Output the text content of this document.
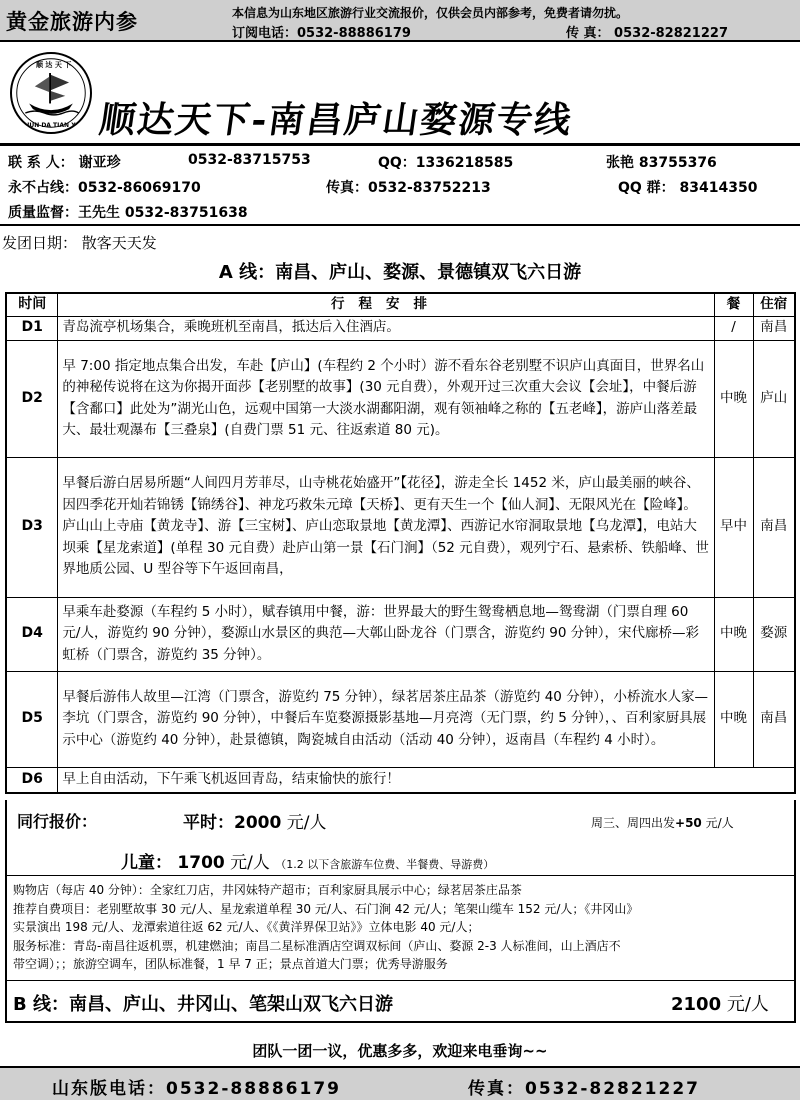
黄金旅游内参	本信息为山东地区旅游行业交流报价，仅供会员内部参考，免费者请勿扰。
订阅电话：0532-88886179	传 真： 0532-82821227
顺 达 天 下
SHUN DA TIAN XIA 顺达天下-南昌庐山婺源专线
联 系 人： 谢亚珍	0532-83715753	QQ：1336218585	张艳 83755376
永不占线：0532-86069170	传真：0532-83752213	QQ 群： 83414350
质量监督：王先生 0532-83751638
发团日期： 散客天天发
A 线：南昌、庐山、婺源、景德镇双飞六日游
时间	行程安排	餐	住宿
D1	青岛流亭机场集合，乘晚班机至南昌，抵达后入住酒店。	/	南昌
D2	早 7:00 指定地点集合出发，车赴【庐山】(车程约 2 个小时）游不看东谷老别墅不识庐山真面目，世界名山的神秘传说将在这为你揭开面莎【老别墅的故事】(30 元自费），外观开过三次重大会议【会址】，中餐后游【含鄱口】此处为”湖光山色，远观中国第一大淡水湖鄱阳湖，观有领袖峰之称的【五老峰】，游庐山落差最大、最壮观瀑布【三叠泉】(自费门票 51 元、往返索道 80 元)。	中晚	庐山
D3	早餐后游白居易所题“人间四月芳菲尽，山寺桃花始盛开”【花径】，游走全长 1452 米，庐山最美丽的峡谷、因四季花开灿若锦锈【锦绣谷】、神龙巧救朱元璋【天桥】、更有天生一个【仙人洞】、无限风光在【险峰】。庐山山上寺庙【黄龙寺】、游【三宝树】、庐山恋取景地【黄龙潭】、西游记水帘洞取景地【乌龙潭】，电站大坝乘【星龙索道】(单程 30 元自费）赴庐山第一景【石门涧】（52 元自费），观列宁石、悬索桥、铁船峰、世界地质公园、U 型谷等下午返回南昌，	早中	南昌
D4	早乘车赴婺源（车程约 5 小时），赋春镇用中餐，游：世界最大的野生鸳鸯栖息地—鸳鸯湖（门票自理 60 元/人，游览约 90 分钟），婺源山水景区的典范—大鄣山卧龙谷（门票含，游览约 90 分钟），宋代廊桥—彩虹桥（门票含，游览约 35 分钟）。	中晚	婺源
D5	早餐后游伟人故里—江湾（门票含，游览约 75 分钟），绿茗居茶庄品茶（游览约 40 分钟），小桥流水人家—李坑（门票含，游览约 90 分钟），中餐后车览婺源摄影基地—月亮湾（无门票，约 5 分钟），、百利家厨具展示中心（游览约 40 分钟），赴景德镇，陶瓷城自由活动（活动 40 分钟），返南昌（车程约 4 小时）。	中晚	南昌
D6	早上自由活动，下午乘飞机返回青岛，结束愉快的旅行！		
同行报价：	平时：2000 元/人	周三、周四出发+50 元/人
儿童： 1700 元/人 （1.2 以下含旅游车位费、半餐费、导游费）
购物店（每店 40 分钟）：全家红刀店，井冈妹特产超市；百利家厨具展示中心；绿茗居茶庄品茶
推荐自费项目：老别墅故事 30 元/人、星龙索道单程 30 元/人、石门涧 42 元/人；笔架山缆车 152 元/人；《井冈山》
实景演出 198 元/人、龙潭索道往返 62 元/人、《《黄洋界保卫站》》立体电影 40 元/人；
服务标准：青岛-南昌往返机票，机建燃油；南昌二星标准酒店空调双标间（庐山、婺源 2-3 人标准间，山上酒店不
带空调）；；旅游空调车，团队标准餐，1 早 7 正；景点首道大门票；优秀导游服务
B 线：南昌、庐山、井冈山、笔架山双飞六日游	2100 元/人
团队一团一议，优惠多多，欢迎来电垂询~~
山东版电话：0532-88886179	传真：0532-82821227
